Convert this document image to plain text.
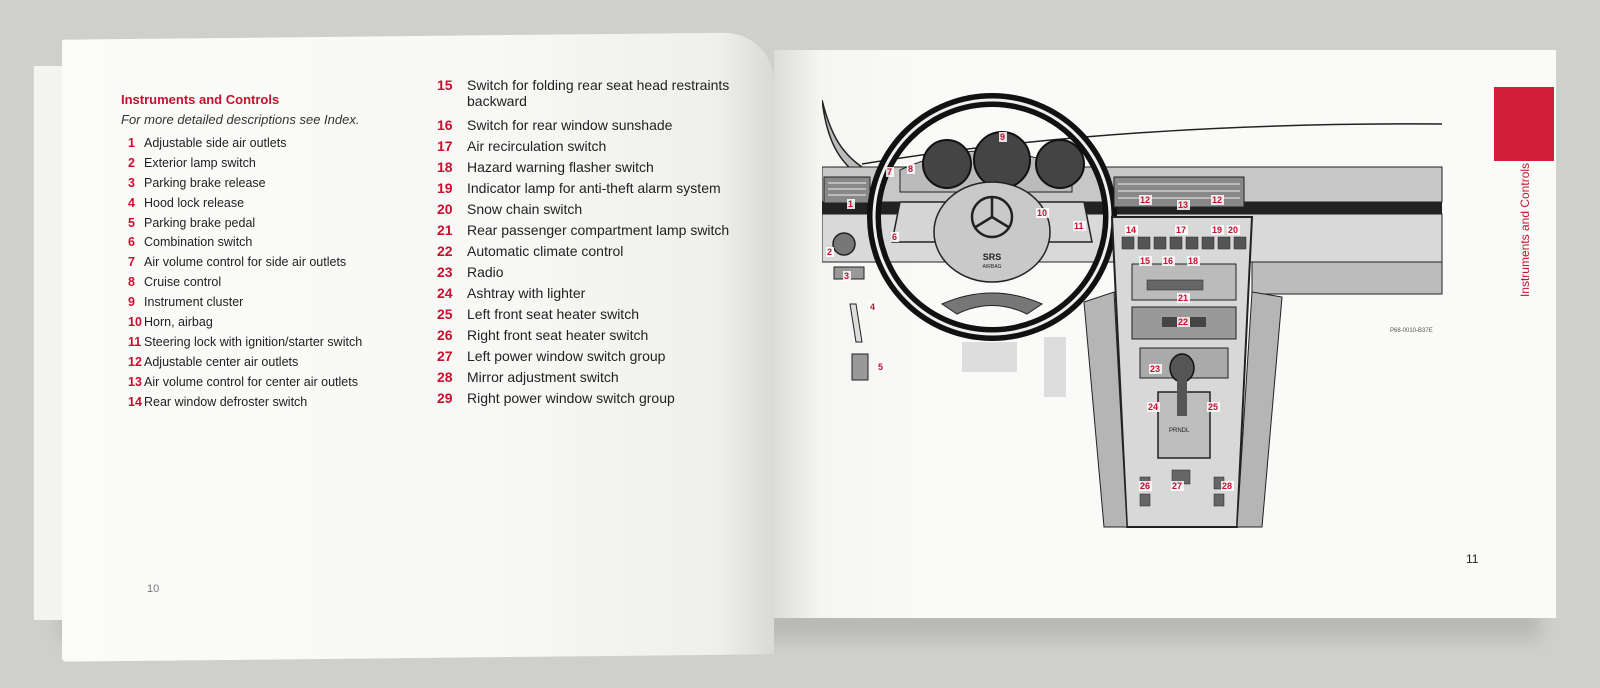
Instruments and Controls
For more detailed descriptions see Index.
1 Adjustable side air outlets
2 Exterior lamp switch
3 Parking brake release
4 Hood lock release
5 Parking brake pedal
6 Combination switch
7 Air volume control for side air outlets
8 Cruise control
9 Instrument cluster
10 Horn, airbag
11 Steering lock with ignition/starter switch
12 Adjustable center air outlets
13 Air volume control for center air outlets
14 Rear window defroster switch
15 Switch for folding rear seat head restraints
backward
16 Switch for rear window sunshade
17 Air recirculation switch
18 Hazard warning flasher switch
19 Indicator lamp for anti-theft alarm system
20 Snow chain switch
21 Rear passenger compartment lamp switch
22 Automatic climate control
23 Radio
24 Ashtray with lighter
25 Left front seat heater switch
26 Right front seat heater switch
27 Left power window switch group
28 Mirror adjustment switch
29 Right power window switch group
10
Instruments and Controls
SRS
AIRBAG
PRNDL
P68-0010-B37E
1
2
3
4
5
6
7 8
9
10
11
12	12
13
14
15 16
17
18
19 20
21
22
23
24	25
26 27	28
11
